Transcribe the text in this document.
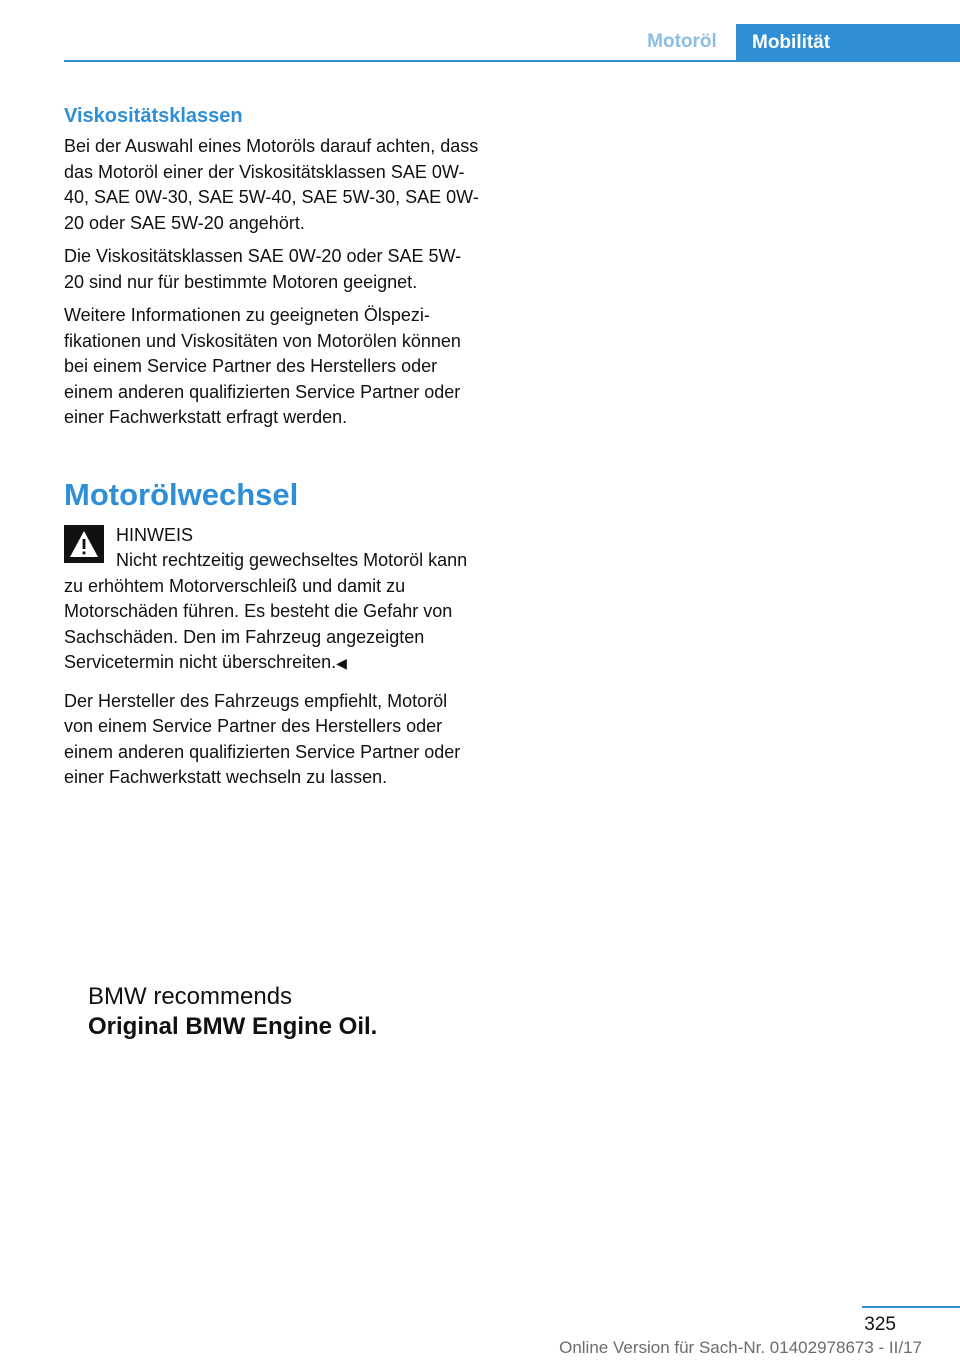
Motoröl	Mobilität
Viskositätsklassen

Bei der Auswahl eines Motoröls darauf achten, dass das Motoröl einer der Viskositätsklassen SAE 0W-40, SAE 0W-30, SAE 5W-40, SAE 5W-30, SAE 0W-20 oder SAE 5W-20 angehört.

Die Viskositätsklassen SAE 0W-20 oder SAE 5W-20 sind nur für bestimmte Motoren geeignet.

Weitere Informationen zu geeigneten Ölspezifikationen und Viskositäten von Motorölen können bei einem Service Partner des Herstellers oder einem anderen qualifizierten Service Partner oder einer Fachwerkstatt erfragt werden.

Motorölwechsel
HINWEIS
Nicht rechtzeitig gewechseltes Motoröl kann zu erhöhtem Motorverschleiß und damit zu Motorschäden führen. Es besteht die Gefahr von Sachschäden. Den im Fahrzeug angezeigten Servicetermin nicht überschreiten.◀

Der Hersteller des Fahrzeugs empfiehlt, Motoröl von einem Service Partner des Herstellers oder einem anderen qualifizierten Service Partner oder einer Fachwerkstatt wechseln zu lassen.

BMW recommends
Original BMW Engine Oil.
325
Online Version für Sach-Nr. 01402978673 - II/17
